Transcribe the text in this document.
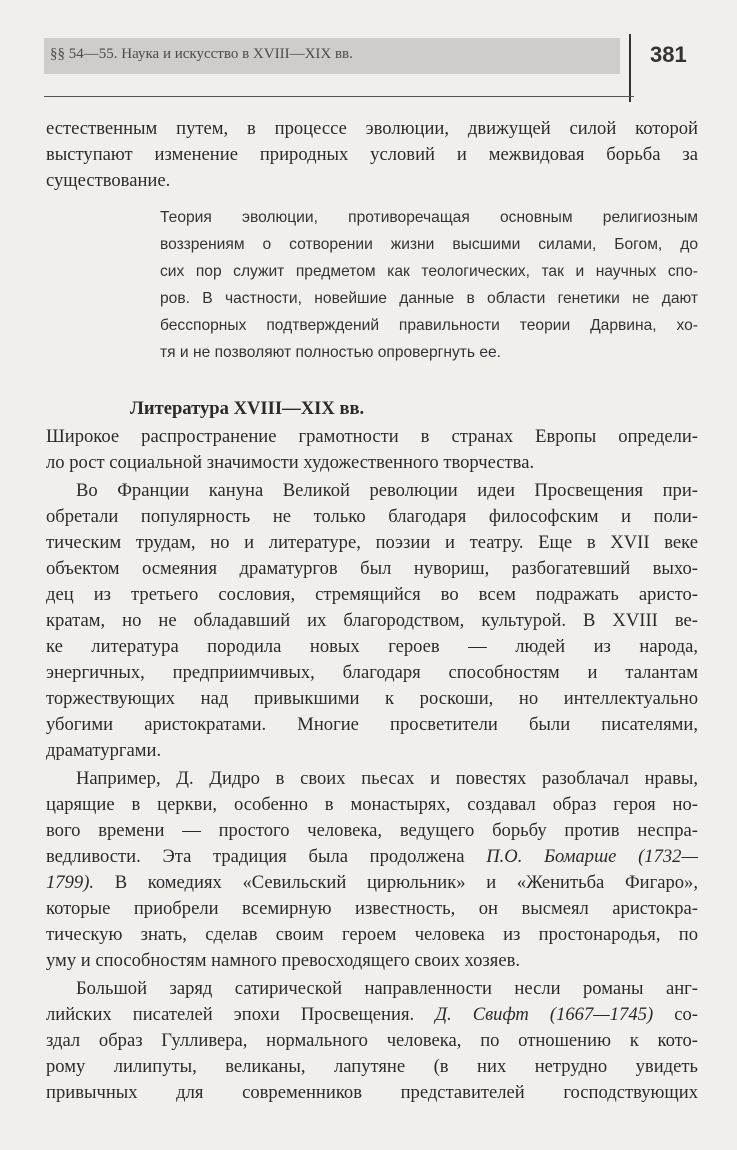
§§ 54—55. Наука и искусство в XVIII—XIX вв.	381
естественным путем, в процессе эволюции, движущей силой которой
выступают изменение природных условий и межвидовая борьба за
существование.
Теория эволюции, противоречащая основным религиозным
воззрениям о сотворении жизни высшими силами, Богом, до
сих пор служит предметом как теологических, так и научных спо-
ров. В частности, новейшие данные в области генетики не дают
бесспорных подтверждений правильности теории Дарвина, хо-
тя и не позволяют полностью опровергнуть ее.
Литература XVIII—XIX вв.
Широкое распространение грамотности в странах Европы определи-
ло рост социальной значимости художественного творчества.
Во Франции кануна Великой революции идеи Просвещения при-
обретали популярность не только благодаря философским и поли-
тическим трудам, но и литературе, поэзии и театру. Еще в XVII веке
объектом осмеяния драматургов был нувориш, разбогатевший выхо-
дец из третьего сословия, стремящийся во всем подражать аристо-
кратам, но не обладавший их благородством, культурой. В XVIII ве-
ке литература породила новых героев — людей из народа,
энергичных, предприимчивых, благодаря способностям и талантам
торжествующих над привыкшими к роскоши, но интеллектуально
убогими аристократами. Многие просветители были писателями,
драматургами.
Например, Д. Дидро в своих пьесах и повестях разоблачал нравы,
царящие в церкви, особенно в монастырях, создавал образ героя но-
вого времени — простого человека, ведущего борьбу против неспра-
ведливости. Эта традиция была продолжена П.О. Бомарше (1732—
1799). В комедиях «Севильский цирюльник» и «Женитьба Фигаро»,
которые приобрели всемирную известность, он высмеял аристокра-
тическую знать, сделав своим героем человека из простонародья, по
уму и способностям намного превосходящего своих хозяев.
Большой заряд сатирической направленности несли романы анг-
лийских писателей эпохи Просвещения. Д. Свифт (1667—1745) со-
здал образ Гулливера, нормального человека, по отношению к кото-
рому лилипуты, великаны, лапутяне (в них нетрудно увидеть
привычных для современников представителей господствующих
